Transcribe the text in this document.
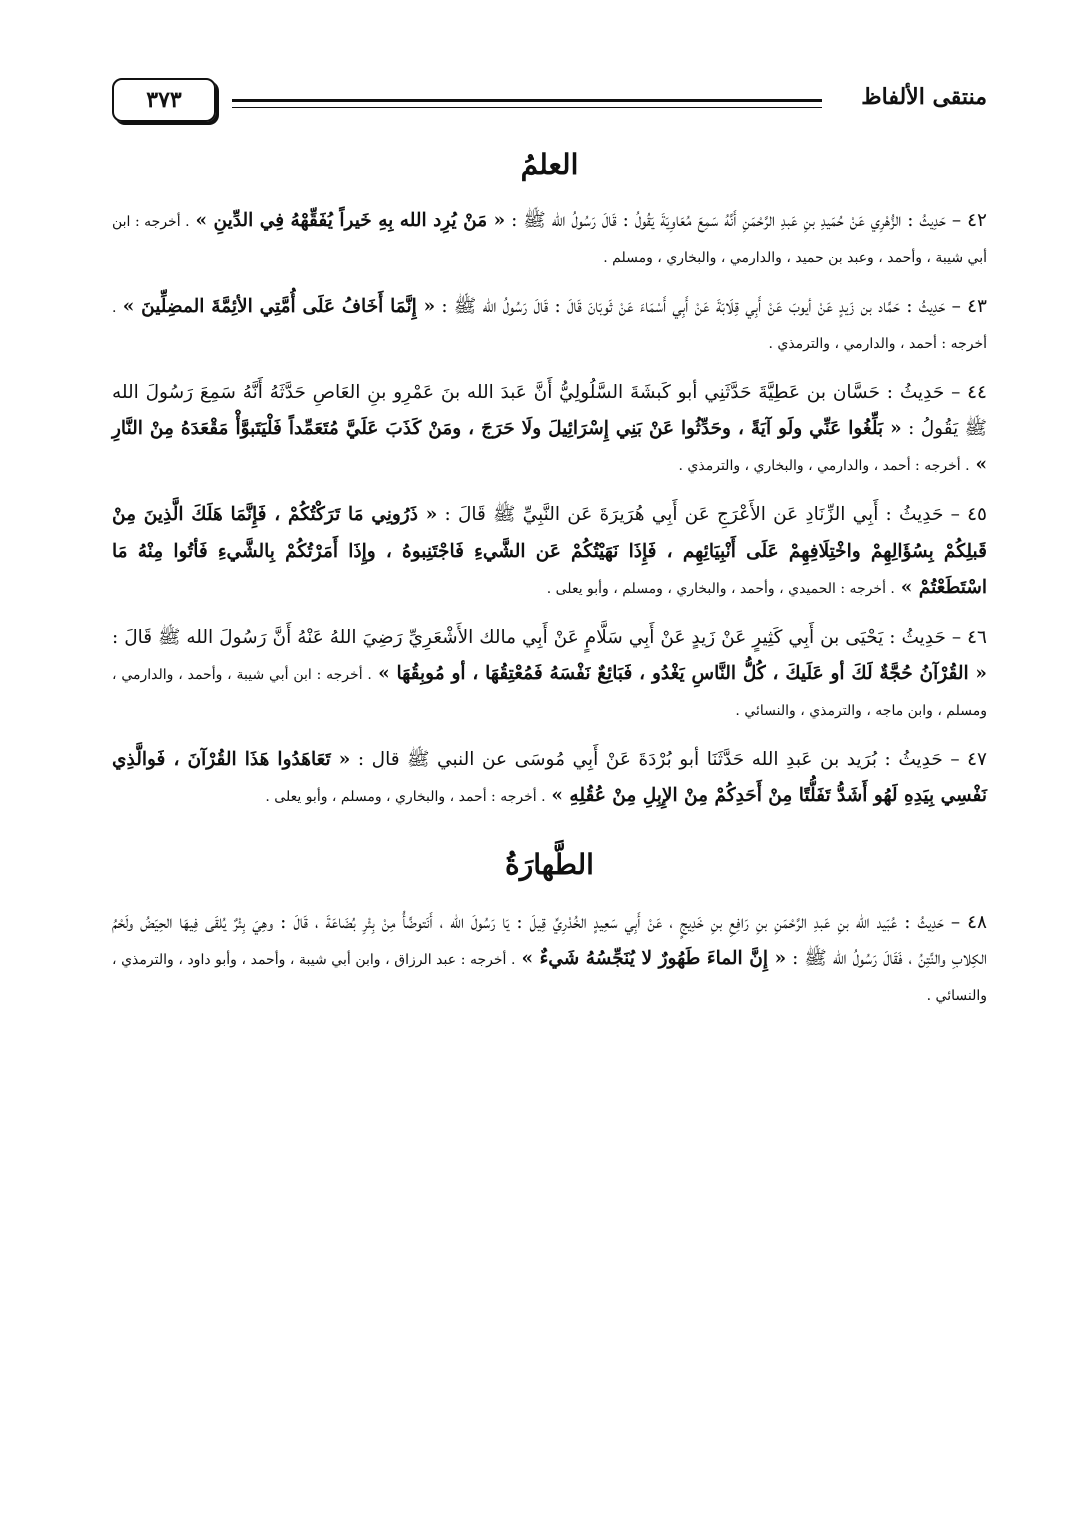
٣٧٣	منتقى الألفاظ
العلمُ

٤٢ – حَدِيثُ : الزُّهْرِي عَنْ حُمَيدِ بنِ عَبدِ الرَّحْمَنِ أَنَّهُ سَمِعَ مُعَاوِيَةَ يَقُولُ : قَالَ رَسُولُ الله ﷺ : « مَنْ يُرِد الله بِهِ خَيراً يُفَقِّهْهُ فِي الدِّينِ » . أخرجه : ابن أبي شيبة ، وأحمد ، وعبد بن حميد ، والدارمي ، والبخاري ، ومسلم .

٤٣ – حَدِيثُ : حَمَّاد بن زَيدٍ عَنْ أيوبَ عَنْ أَبِي قِلَابَةَ عَنْ أَبِي أَسْمَاءَ عَنْ ثَوبَانَ قَالَ : قَالَ رَسُولُ الله ﷺ : « إِنَّمَا أَخَافُ عَلَى أُمَّتِي الأئِمَّةَ المضِلِّينَ » . أخرجه : أحمد ، والدارمي ، والترمذي .

٤٤ – حَدِيثُ : حَسَّان بن عَطِيَّةَ حَدَّثَنِي أبو كَبشَةَ السَّلُولِيُّ أَنَّ عَبدَ الله بنَ عَمْرِو بنِ العَاصِ حَدَّثَهُ أَنَّهُ سَمِعَ رَسُولَ الله ﷺ يَقُولُ : « بَلِّغُوا عَنِّي ولَو آيَةً ، وحَدِّثُوا عَنْ بَنِي إِسْرَائِيلَ ولَا حَرَجَ ، ومَنْ كَذَبَ عَلَيَّ مُتَعَمِّداً فَلْيَتَبوَّأْ مَقْعَدَهُ مِنْ النَّارِ » . أخرجه : أحمد ، والدارمي ، والبخاري ، والترمذي .

٤٥ – حَدِيثُ : أَبِي الزِّنَادِ عَن الأَعْرَجِ عَن أَبِي هُرَيرَةَ عَن النَّبِيِّ ﷺ قَالَ : « ذَرُونِي مَا تَرَكْتُكُمْ ، فَإِنَّمَا هَلَكَ الَّذِينَ مِنْ قَبلِكُمْ بِسُؤَالِهِمْ واخْتِلَافِهِمْ عَلَى أَنْبِيَائِهِم ، فَإِذَا نَهَيْتُكُمْ عَن الشَّيءِ فَاجْتَنِبوهُ ، وإِذَا أَمَرْتُكُمْ بِالشَّيءِ فَأتُوا مِنْهُ مَا اسْتَطَعْتُمْ » . أخرجه : الحميدي ، وأحمد ، والبخاري ، ومسلم ، وأبو يعلى .

٤٦ – حَدِيثُ : يَحْيَى بن أَبِي كَثِيرٍ عَنْ زَيدٍ عَنْ أَبِي سَلَّامٍ عَنْ أَبِي مالك الأَشْعَرِيِّ رَضِيَ اللهُ عَنْهُ أَنَّ رَسُولَ الله ﷺ قَالَ : « القُرْآنُ حُجَّةٌ لَكَ أو عَلَيكَ ، كُلُّ النَّاسِ يَغْدُو ، فَبَائِعٌ نَفْسَهُ فَمُعْتِقُهَا ، أو مُوبِقُهَا » . أخرجه : ابن أبي شيبة ، وأحمد ، والدارمي ، ومسلم ، وابن ماجه ، والترمذي ، والنسائي .

٤٧ – حَدِيثُ : بُرَيد بن عَبدِ الله حَدَّثَنَا أبو بُرْدَةَ عَنْ أَبِي مُوسَى عن النبي ﷺ قال : « تَعَاهَدُوا هَذَا القُرْآنَ ، فَوالَّذِي نَفْسِي بِيَدِهِ لَهُو أَشَدُّ تَفَلُّتًا مِنْ أَحَدِكُمْ مِنْ الإِبِلِ مِنْ عُقُلِهِ » . أخرجه : أحمد ، والبخاري ، ومسلم ، وأبو يعلى .

الطَّهارَةُ

٤٨ – حَدِيثُ : عُبَيد الله بنِ عَبدِ الرَّحْمَنِ بنِ رَافِعِ بنِ خَدِيجٍ ، عَنْ أَبِي سَعِيدٍ الخُدْرِيِّ قِيلَ : يَا رَسُولَ الله ، أَنَتوضَّأُ مِنْ بِئْرِ بُضَاعَةَ ، قَالَ : وهِيَ بِئْرٌ يُلقَى فِيهَا الحِيَضُ ولَحْمُ الكِلابِ والنَّتِنُ ، فَقَالَ رَسُولُ الله ﷺ : « إِنَّ الماءَ طَهُورٌ لا يُنَجِّسُهُ شَيءٌ » . أخرجه : عبد الرزاق ، وابن أبي شيبة ، وأحمد ، وأبو داود ، والترمذي ، والنسائي .
